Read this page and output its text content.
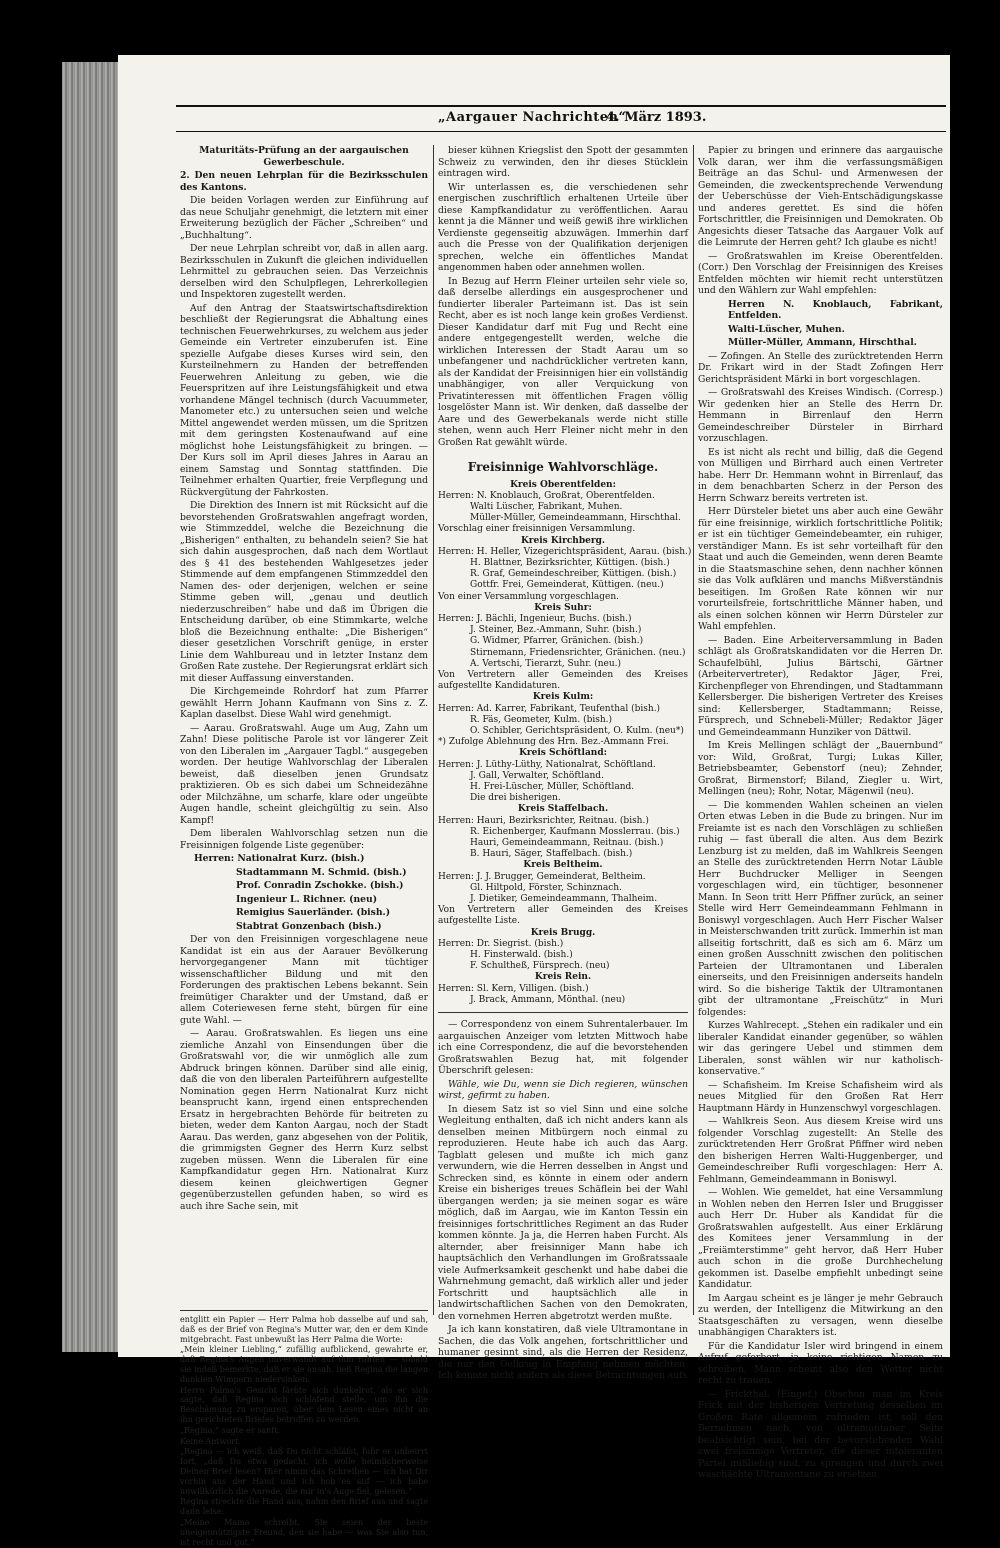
„Aargauer Nachrichten“
4. März 1893.

Maturitäts-Prüfung an der aargauischen Gewerbeschule.

2. Den neuen Lehrplan für die Bezirksschulen des Kantons.

Die beiden Vorlagen werden zur Einführung auf das neue Schuljahr genehmigt, die letztern mit einer Erweiterung bezüglich der Fächer „Schreiben“ und „Buchhaltung“.

Der neue Lehrplan schreibt vor, daß in allen aarg. Bezirksschulen in Zukunft die gleichen individuellen Lehrmittel zu gebrauchen seien. Das Verzeichnis derselben wird den Schulpflegen, Lehrerkollegien und Inspektoren zugestellt werden.

Auf den Antrag der Staatswirtschaftsdirektion beschließt der Regierungsrat die Abhaltung eines technischen Feuerwehrkurses, zu welchem aus jeder Gemeinde ein Vertreter einzuberufen ist. Eine spezielle Aufgabe dieses Kurses wird sein, den Kursteilnehmern zu Handen der betreffenden Feuerwehren Anleitung zu geben, wie die Feuerspritzen auf ihre Leistungsfähigkeit und etwa vorhandene Mängel technisch (durch Vacuummeter, Manometer etc.) zu untersuchen seien und welche Mittel angewendet werden müssen, um die Spritzen mit dem geringsten Kostenaufwand auf eine möglichst hohe Leistungsfähigkeit zu bringen. — Der Kurs soll im April dieses Jahres in Aarau an einem Samstag und Sonntag stattfinden. Die Teilnehmer erhalten Quartier, freie Verpflegung und Rückvergütung der Fahrkosten.

Die Direktion des Innern ist mit Rücksicht auf die bevorstehenden Großratswahlen angefragt worden, wie Stimmzeddel, welche die Bezeichnung die „Bisherigen“ enthalten, zu behandeln seien? Sie hat sich dahin ausgesprochen, daß nach dem Wortlaut des § 41 des bestehenden Wahlgesetzes jeder Stimmende auf dem empfangenen Stimmzeddel den Namen des- oder derjenigen, welchen er seine Stimme geben will, „genau und deutlich niederzuschreiben“ habe und daß im Übrigen die Entscheidung darüber, ob eine Stimmkarte, welche bloß die Bezeichnung enthalte: „Die Bisherigen“ dieser gesetzlichen Vorschrift genüge, in erster Linie dem Wahlbureau und in letzter Instanz dem Großen Rate zustehe. Der Regierungsrat erklärt sich mit dieser Auffassung einverstanden.

Die Kirchgemeinde Rohrdorf hat zum Pfarrer gewählt Herrn Johann Kaufmann von Sins z. Z. Kaplan daselbst. Diese Wahl wird genehmigt.

— Aarau. Großratswahl. Auge um Aug, Zahn um Zahn! Diese politische Parole ist vor längerer Zeit von den Liberalen im „Aargauer Tagbl.“ ausgegeben worden. Der heutige Wahlvorschlag der Liberalen beweist, daß dieselben jenen Grundsatz praktizieren. Ob es sich dabei um Schneidezähne oder Milchzähne, um scharfe, klare oder ungeübte Augen handle, scheint gleichgültig zu sein. Also Kampf!

Dem liberalen Wahlvorschlag setzen nun die Freisinnigen folgende Liste gegenüber:

Herren: Nationalrat Kurz. (bish.)

Stadtammann M. Schmid. (bish.)

Prof. Conradin Zschokke. (bish.)

Ingenieur L. Richner. (neu)

Remigius Sauerländer. (bish.)

Stabtrat Gonzenbach (bish.)

Der von den Freisinnigen vorgeschlagene neue Kandidat ist ein aus der Aarauer Bevölkerung hervorgegangener Mann mit tüchtiger wissenschaftlicher Bildung und mit den Forderungen des praktischen Lebens bekannt. Sein freimütiger Charakter und der Umstand, daß er allem Coteriewesen ferne steht, bürgen für eine gute Wahl. —

— Aarau. Großratswahlen. Es liegen uns eine ziemliche Anzahl von Einsendungen über die Großratswahl vor, die wir unmöglich alle zum Abdruck bringen können. Darüber sind alle einig, daß die von den liberalen Parteiführern aufgestellte Nomination gegen Herrn Nationalrat Kurz nicht beansprucht kann, irgend einen entsprechenden Ersatz in hergebrachten Behörde für beitreten zu bieten, weder dem Kanton Aargau, noch der Stadt Aarau. Das werden, ganz abgesehen von der Politik, die grimmigsten Gegner des Herrn Kurz selbst zugeben müssen. Wenn die Liberalen für eine Kampfkandidatur gegen Hrn. Nationalrat Kurz diesem keinen gleichwertigen Gegner gegenüberzustellen gefunden haben, so wird es auch ihre Sache sein, mit

entglitt ein Papier — Herr Palma hob dasselbe auf und sah, daß es der Brief von Regina's Mutter war, den er dem Kinde mitgebracht. Fast unbewußt las Herr Palma die Worte:

„Mein kleiner Liebling,“ zufällig aufblickend, gewahrte er, daß Regina's Augen unverwandt auf ihm ruhten — sobald sie indeß bemerkte, daß er sie ansah, ließ Regina die langen dunklen Wimpern niedersinken.

Herrn Palma's Gesicht färbte sich dunkelrot, als er sich sagte, daß Regina sich schlafend stelle, um ihn die Beschämung zu ersparen, über dem Lesen eines nicht an ihn gerichteten Briefes betroffen zu werden.

„Regina,“ sagte er sanft.

Keine Antwort.

„Regina — ich weiß, daß Du nicht schläfst, fuhr er unbeirrt fort, „daß Du etwa gedacht, ich wolle heimlicherweise Deinen Brief lesen? Hier nimm das Schreiben — ich bat Dir vorhin aus der Hand und ich hob es auf — ich habe unwillkürlich die Anrede, die mir in's Auge fiel, gelesen.“

Regina streckte die Hand aus, nahm den Brief aus und sagte dann leise:

„Meine Mama schreibt, Sie seien der beste uneigennützigste Freund, den sie habe — was Sie also tun, ist recht und gut.“

bieser kühnen Kriegslist den Spott der gesammten Schweiz zu verwinden, den ihr dieses Stücklein eintragen wird.

Wir unterlassen es, die verschiedenen sehr energischen zuschriftlich erhaltenen Urteile über diese Kampfkandidatur zu veröffentlichen. Aarau kennt ja die Männer und weiß gewiß ihre wirklichen Verdienste gegenseitig abzuwägen. Immerhin darf auch die Presse von der Qualifikation derjenigen sprechen, welche ein öffentliches Mandat angenommen haben oder annehmen wollen.

In Bezug auf Herrn Fleiner urteilen sehr viele so, daß derselbe allerdings ein ausgesprochener und fundierter liberaler Parteimann ist. Das ist sein Recht, aber es ist noch lange kein großes Verdienst. Dieser Kandidatur darf mit Fug und Recht eine andere entgegengestellt werden, welche die wirklichen Interessen der Stadt Aarau um so unbefangener und nachdrücklicher vertreten kann, als der Kandidat der Freisinnigen hier ein vollständig unabhängiger, von aller Verquickung von Privatinteressen mit öffentlichen Fragen völlig losgelöster Mann ist. Wir denken, daß dasselbe der Aare und des Gewerbekanals werde nicht stille stehen, wenn auch Herr Fleiner nicht mehr in den Großen Rat gewählt würde.

Freisinnige Wahlvorschläge.
Kreis Oberentfelden:
Herren: N. Knoblauch, Großrat, Oberentfelden.
Walti Lüscher, Fabrikant, Muhen.
Müller-Müller, Gemeindeammann, Hirschthal.
Vorschlag einer freisinnigen Versammlung.
Kreis Kirchberg.
Herren: H. Heller, Vizegerichtspräsident, Aarau. (bish.)
H. Blattner, Bezirksrichter, Küttigen. (bish.)
R. Graf, Gemeindeschreiber, Küttigen. (bish.)
Gottfr. Frei, Gemeinderat, Küttigen. (neu.)
Von einer Versammlung vorgeschlagen.
Kreis Suhr:
Herren: J. Bächli, Ingenieur, Buchs. (bish.)
J. Steiner, Bez.-Ammann, Suhr. (bish.)
G. Widmer, Pfarrer, Gränichen. (bish.)
Stirnemann, Friedensrichter, Gränichen. (neu.)
A. Vertschi, Tierarzt, Suhr. (neu.)
Von Vertretern aller Gemeinden des Kreises aufgestellte Kandidaturen.
Kreis Kulm:
Herren: Ad. Karrer, Fabrikant, Teufenthal (bish.)
R. Fäs, Geometer, Kulm. (bish.)
O. Schibler, Gerichtspräsident, O. Kulm. (neu*)
*) Zufolge Ablehnung des Hrn. Bez.-Ammann Frei.
Kreis Schöftland:
Herren: J. Lüthy-Lüthy, Nationalrat, Schöftland.
J. Gall, Verwalter, Schöftland.
H. Frei-Lüscher, Müller, Schöftland.
Die drei bisherigen.
Kreis Staffelbach.
Herren: Hauri, Bezirksrichter, Reitnau. (bish.)
R. Eichenberger, Kaufmann Mosslerrau. (bis.)
Hauri, Gemeindeammann, Reitnau. (bish.)
B. Hauri, Säger, Staffelbach. (bish.)
Kreis Beltheim.
Herren: J. J. Brugger, Gemeinderat, Beltheim.
Gl. Hiltpold, Förster, Schinznach.
J. Dietiker, Gemeindeammann, Thalheim.
Von Vertretern aller Gemeinden des Kreises aufgestellte Liste.
Kreis Brugg.
Herren: Dr. Siegrist. (bish.)
H. Finsterwald. (bish.)
F. Schultheß, Fürsprech. (neu)
Kreis Rein.
Herren: Sl. Kern, Villigen. (bish.)
J. Brack, Ammann, Mönthal. (neu)

— Correspondenz von einem Suhrentalerbauer. Im aargauischen Anzeiger vom letzten Mittwoch habe ich eine Correspondenz, die auf die bevorstehenden Großratswahlen Bezug hat, mit folgender Überschrift gelesen:

Wähle, wie Du, wenn sie Dich regieren, wünschen wirst, gefirmt zu haben.

In diesem Satz ist so viel Sinn und eine solche Wegleitung enthalten, daß ich nicht anders kann als denselben meinen Mitbürgern noch einmal zu reproduzieren. Heute habe ich auch das Aarg. Tagblatt gelesen und mußte ich mich ganz verwundern, wie die Herren desselben in Angst und Schrecken sind, es könnte in einem oder andern Kreise ein bisheriges treues Schäflein bei der Wahl übergangen werden; ja sie meinen sogar es wäre möglich, daß im Aargau, wie im Kanton Tessin ein freisinniges fortschrittliches Regiment an das Ruder kommen könnte. Ja ja, die Herren haben Furcht. Als alternder, aber freisinniger Mann habe ich hauptsächlich den Verhandlungen im Großratssaale viele Aufmerksamkeit geschenkt und habe dabei die Wahrnehmung gemacht, daß wirklich aller und jeder Fortschritt und hauptsächlich alle in landwirtschaftlichen Sachen von den Demokraten, den vornehmen Herren abgetrotzt werden mußte.

Ja ich kann konstatiren, daß viele Ultramontane in Sachen, die das Volk angehen, fortschrittlicher und humaner gesinnt sind, als die Herren der Residenz, die nur den Oelkrug in Empfang nehmen möchten. Ich konnte nicht anders als diese Betrachtungen aufs

Papier zu bringen und erinnere das aargauische Volk daran, wer ihm die verfassungsmäßigen Beiträge an das Schul- und Armenwesen der Gemeinden, die zweckentsprechende Verwendung der Ueberschüsse der Vieh-Entschädigungskasse und anderes gerettet. Es sind die höfen Fortschrittler, die Freisinnigen und Demokraten. Ob Angesichts dieser Tatsache das Aargauer Volk auf die Leimrute der Herren geht? Ich glaube es nicht!

— Großratswahlen im Kreise Oberentfelden. (Corr.) Den Vorschlag der Freisinnigen des Kreises Entfelden möchten wir hiemit recht unterstützen und den Wählern zur Wahl empfehlen:

Herren N. Knoblauch, Fabrikant, Entfelden.

Walti-Lüscher, Muhen.

Müller-Müller, Ammann, Hirschthal.

— Zofingen. An Stelle des zurücktretenden Herrn Dr. Frikart wird in der Stadt Zofingen Herr Gerichtspräsident Märki in bort vorgeschlagen.

— Großratswahl des Kreises Windisch. (Corresp.) Wir gedenken hier an Stelle des Herrn Dr. Hemmann in Birrenlauf den Herrn Gemeindeschreiber Dürsteler in Birrhard vorzuschlagen.

Es ist nicht als recht und billig, daß die Gegend von Mülligen und Birrhard auch einen Vertreter habe. Herr Dr. Hemmann wohnt in Birrenlauf, das in dem benachbarten Scherz in der Person des Herrn Schwarz bereits vertreten ist.

Herr Dürsteler bietet uns aber auch eine Gewähr für eine freisinnige, wirklich fortschrittliche Politik; er ist ein tüchtiger Gemeindebeamter, ein ruhiger, verständiger Mann. Es ist sehr vorteilhaft für den Staat und auch die Gemeinden, wenn deren Beamte in die Staatsmaschine sehen, denn nachher können sie das Volk aufklären und manchs Mißverständnis beseitigen. Im Großen Rate können wir nur vorurteilsfreie, fortschrittliche Männer haben, und als einen solchen können wir Herrn Dürsteler zur Wahl empfehlen.

— Baden. Eine Arbeiterversammlung in Baden schlägt als Großratskandidaten vor die Herren Dr. Schaufelbühl, Julius Bärtschi, Gärtner (Arbeitervertreter), Redaktor Jäger, Frei, Kirchenpfleger von Ehrendingen, und Stadtammann Kellersberger. Die bisherigen Vertreter des Kreises sind: Kellersberger, Stadtammann; Reisse, Fürsprech, und Schnebeli-Müller; Redaktor Jäger und Gemeindeammann Hunziker von Dättwil.

Im Kreis Mellingen schlägt der „Bauernbund“ vor: Wild, Großrat, Turgi; Lukas Killer, Betriebsbeamter, Gebenstorf (neu); Zehnder, Großrat, Birmenstorf; Biland, Ziegler u. Wirt, Mellingen (neu); Rohr, Notar, Mägenwil (neu).

— Die kommenden Wahlen scheinen an vielen Orten etwas Leben in die Bude zu bringen. Nur im Freiamte ist es nach den Vorschlägen zu schließen ruhig — fast überall die alten. Aus dem Bezirk Lenzburg ist zu melden, daß im Wahlkreis Seengen an Stelle des zurücktretenden Herrn Notar Läuble Herr Buchdrucker Melliger in Seengen vorgeschlagen wird, ein tüchtiger, besonnener Mann. In Seon tritt Herr Pfiffner zurück, an seiner Stelle wird Herr Gemeindeammann Fehlmann in Boniswyl vorgeschlagen. Auch Herr Fischer Walser in Meisterschwanden tritt zurück. Immerhin ist man allseitig fortschritt, daß es sich am 6. März um einen großen Ausschnitt zwischen den politischen Parteien der Ultramontanen und Liberalen einerseits, und den Freisinnigen anderseits handeln wird. So die bisherige Taktik der Ultramontanen gibt der ultramontane „Freischütz“ in Muri folgendes:

Kurzes Wahlrecept. „Stehen ein radikaler und ein liberaler Kandidat einander gegenüber, so wählen wir das geringere Uebel und stimmen dem Liberalen, sonst wählen wir nur katholisch-konservative.“

— Schafisheim. Im Kreise Schafisheim wird als neues Mitglied für den Großen Rat Herr Hauptmann Härdy in Hunzenschwyl vorgeschlagen.

— Wahlkreis Seon. Aus diesem Kreise wird uns folgender Vorschlag zugestellt: An Stelle des zurücktretenden Herr Großrat Pfiffner wird neben den bisherigen Herren Walti-Huggenberger, und Gemeindeschreiber Rufli vorgeschlagen: Herr A. Fehlmann, Gemeindeammann in Boniswyl.

— Wohlen. Wie gemeldet, hat eine Versammlung in Wohlen neben den Herren Isler und Bruggisser auch Herr Dr. Huber als Kandidat für die Großratswahlen aufgestellt. Aus einer Erklärung des Komitees jener Versammlung in der „Freiämterstimme“ geht hervor, daß Herr Huber auch schon in die große Durchhechelung gekommen ist. Daselbe empfiehlt unbedingt seine Kandidatur.

Im Aargau scheint es je länger je mehr Gebrauch zu werden, der Intelligenz die Mitwirkung an den Staatsgeschäften zu versagen, wenn dieselbe unabhängigen Charakters ist.

Für die Kandidatur Isler wird bringend in einem Aufruf geforbert, ja keine richtigen Namen zu schreiben. Mann scheint also den Wetter nicht recht zu trauen.

— Frickthal. (Eingef.) Obschon man im Kreis Frick mit der bisherigen Vertretung desselben im Großen Rate allgemein zufrieden ist, soll den Bernehmen nach, von ultramontaner Seite beabsichtigt sein, bei der bevorstehenden Wahl zwei freisinnige Vertreter, die dieser intoleranten Partei mißliebig sind, zu sprengen und durch zwei waschächte Ultramontane zu ersetzen.
